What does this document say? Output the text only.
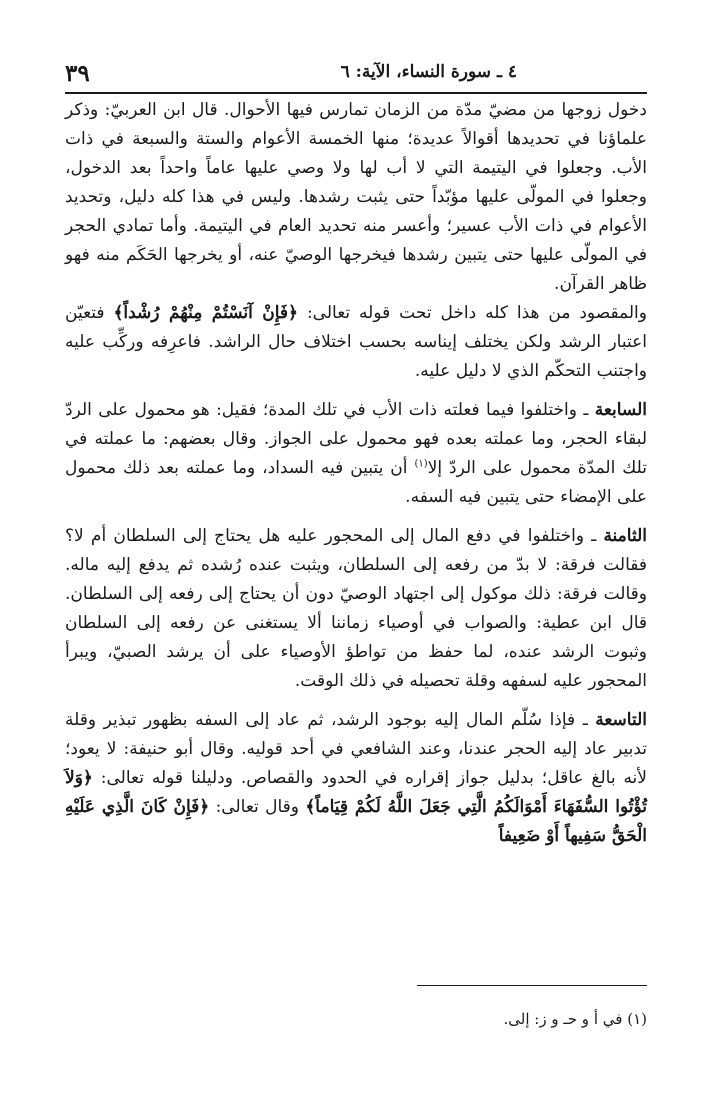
٤ ـ سورة النساء، الآية: ٦
٣٩

دخول زوجها من مضيّ مدّة من الزمان تمارس فيها الأحوال. قال ابن العربيّ: وذكر علماؤنا في تحديدها أقوالاً عديدة؛ منها الخمسة الأعوام والستة والسبعة في ذات الأب. وجعلوا في اليتيمة التي لا أب لها ولا وصي عليها عاماً واحداً بعد الدخول، وجعلوا في المولّى عليها مؤبّداً حتى يثبت رشدها. وليس في هذا كله دليل، وتحديد الأعوام في ذات الأب عسير؛ وأعسر منه تحديد العام في اليتيمة. وأما تمادي الحجر في المولّى عليها حتى يتبين رشدها فيخرجها الوصيّ عنه، أو يخرجها الحَكَم منه فهو ظاهر القرآن.

والمقصود من هذا كله داخل تحت قوله تعالى: ﴿فَإِنْ آنَسْتُمْ مِنْهُمْ رُشْداً﴾ فتعيّن اعتبار الرشد ولكن يختلف إيناسه بحسب اختلاف حال الراشد. فاعرِفه وركِّب عليه واجتنب التحكّم الذي لا دليل عليه.

السابعة ـ واختلفوا فيما فعلته ذات الأب في تلك المدة؛ فقيل: هو محمول على الردّ لبقاء الحجر، وما عملته بعده فهو محمول على الجواز. وقال بعضهم: ما عملته في تلك المدّة محمول على الردّ إلا$^{(١)}$ أن يتبين فيه السداد، وما عملته بعد ذلك محمول على الإمضاء حتى يتبين فيه السفه.

الثامنة ـ واختلفوا في دفع المال إلى المحجور عليه هل يحتاج إلى السلطان أم لا؟ فقالت فرقة: لا بدّ من رفعه إلى السلطان، ويثبت عنده رُشده ثم يدفع إليه ماله. وقالت فرقة: ذلك موكول إلى اجتهاد الوصيّ دون أن يحتاج إلى رفعه إلى السلطان. قال ابن عطية: والصواب في أوصياء زماننا ألا يستغنى عن رفعه إلى السلطان وثبوت الرشد عنده، لما حفظ من تواطؤ الأوصياء على أن يرشد الصبيّ، ويبرأ المحجور عليه لسفهه وقلة تحصيله في ذلك الوقت.

التاسعة ـ فإذا سُلّم المال إليه بوجود الرشد، ثم عاد إلى السفه بظهور تبذير وقلة تدبير عاد إليه الحجر عندنا، وعند الشافعي في أحد قوليه. وقال أبو حنيفة: لا يعود؛ لأنه بالغ عاقل؛ بدليل جواز إقراره في الحدود والقصاص. ودليلنا قوله تعالى: ﴿وَلاَ تُؤْتُوا السُّفَهَاءَ أَمْوَالَكُمُ الَّتِي جَعَلَ اللَّهُ لَكُمْ قِيَاماً﴾ وقال تعالى: ﴿فَإِنْ كَانَ الَّذِي عَلَيْهِ الْحَقُّ سَفِيهاً أَوْ ضَعِيفاً

(١) في أ و حـ و ز: إلى.
